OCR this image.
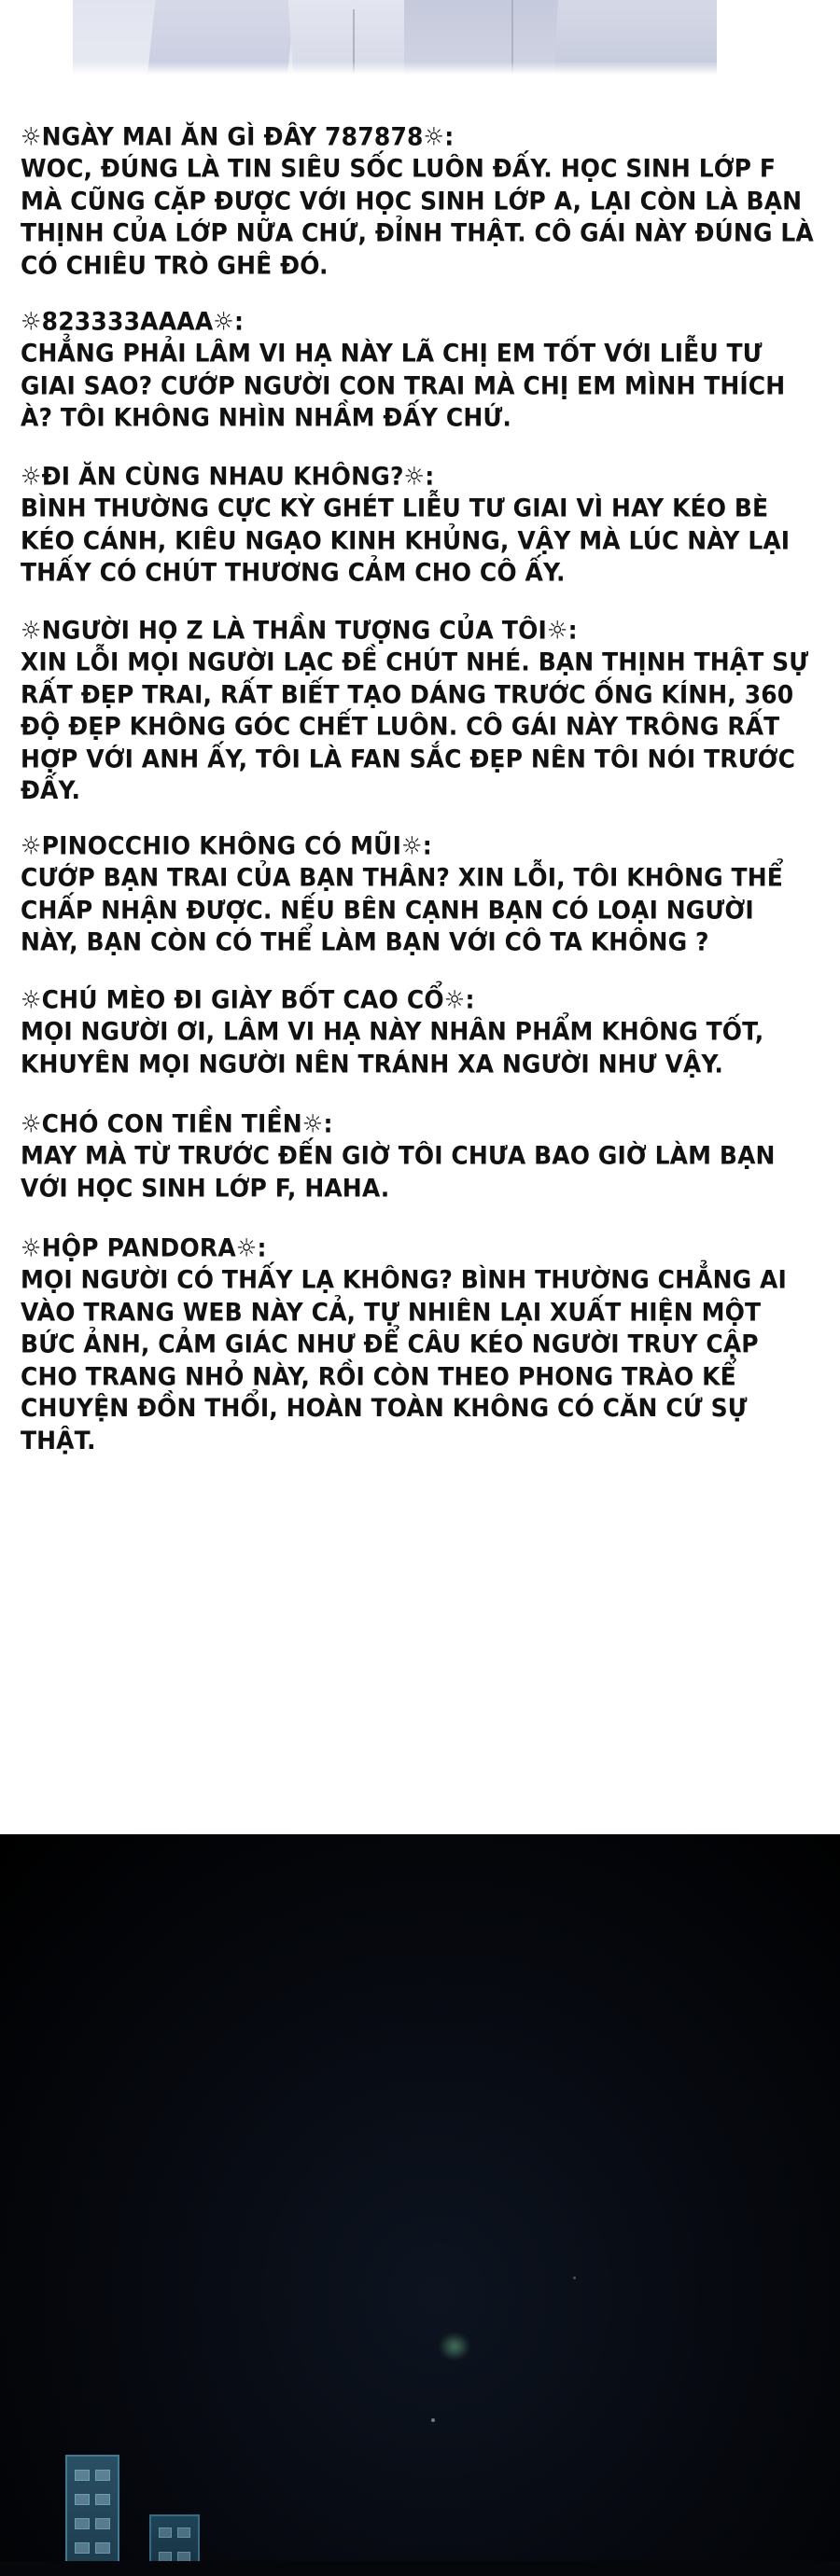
☼NGÀY MAI ĂN GÌ ĐÂY 787878☼:
WOC, ĐÚNG LÀ TIN SIÊU SỐC LUÔN ĐẤY. HỌC SINH LỚP F MÀ CŨNG CẶP ĐƯỢC VỚI HỌC SINH LỚP A, LẠI CÒN LÀ BẠN THỊNH CỦA LỚP NỮA CHỨ, ĐỈNH THẬT. CÔ GÁI NÀY ĐÚNG LÀ CÓ CHIÊU TRÒ GHÊ ĐÓ.
☼823333AAAA☼:
CHẲNG PHẢI LÂM VI HẠ NÀY LÃ CHỊ EM TỐT VỚI LIỄU TƯ GIAI SAO? CƯỚP NGƯỜI CON TRAI MÀ CHỊ EM MÌNH THÍCH À? TÔI KHÔNG NHÌN NHẦM ĐẤY CHỨ.
☼ĐI ĂN CÙNG NHAU KHÔNG?☼:
BÌNH THƯỜNG CỰC KỲ GHÉT LIỄU TƯ GIAI VÌ HAY KÉO BÈ KÉO CÁNH, KIÊU NGẠO KINH KHỦNG, VẬY MÀ LÚC NÀY LẠI THẤY CÓ CHÚT THƯƠNG CẢM CHO CÔ ẤY.
☼NGƯỜI HỌ Z LÀ THẦN TƯỢNG CỦA TÔI☼:
XIN LỖI MỌI NGƯỜI LẠC ĐỀ CHÚT NHÉ. BẠN THỊNH THẬT SỰ RẤT ĐẸP TRAI, RẤT BIẾT TẠO DÁNG TRƯỚC ỐNG KÍNH, 360 ĐỘ ĐẸP KHÔNG GÓC CHẾT LUÔN. CÔ GÁI NÀY TRÔNG RẤT HỢP VỚI ANH ẤY, TÔI LÀ FAN SẮC ĐẸP NÊN TÔI NÓI TRƯỚC ĐẤY.
☼PINOCCHIO KHÔNG CÓ MŨI☼:
CƯỚP BẠN TRAI CỦA BẠN THÂN? XIN LỖI, TÔI KHÔNG THỂ CHẤP NHẬN ĐƯỢC. NẾU BÊN CẠNH BẠN CÓ LOẠI NGƯỜI NÀY, BẠN CÒN CÓ THỂ LÀM BẠN VỚI CÔ TA KHÔNG ?
☼CHÚ MÈO ĐI GIÀY BỐT CAO CỔ☼:
MỌI NGƯỜI ƠI, LÂM VI HẠ NÀY NHÂN PHẨM KHÔNG TỐT, KHUYÊN MỌI NGƯỜI NÊN TRÁNH XA NGƯỜI NHƯ VẬY.
☼CHÓ CON TIỀN TIỀN☼:
MAY MÀ TỪ TRƯỚC ĐẾN GIỜ TÔI CHƯA BAO GIỜ LÀM BẠN VỚI HỌC SINH LỚP F, HAHA.
☼HỘP PANDORA☼:
MỌI NGƯỜI CÓ THẤY LẠ KHÔNG? BÌNH THƯỜNG CHẲNG AI VÀO TRANG WEB NÀY CẢ, TỰ NHIÊN LẠI XUẤT HIỆN MỘT BỨC ẢNH, CẢM GIÁC NHƯ ĐỂ CÂU KÉO NGƯỜI TRUY CẬP CHO TRANG NHỎ NÀY, RỒI CÒN THEO PHONG TRÀO KỂ CHUYỆN ĐỒN THỔI, HOÀN TOÀN KHÔNG CÓ CĂN CỨ SỰ THẬT.
